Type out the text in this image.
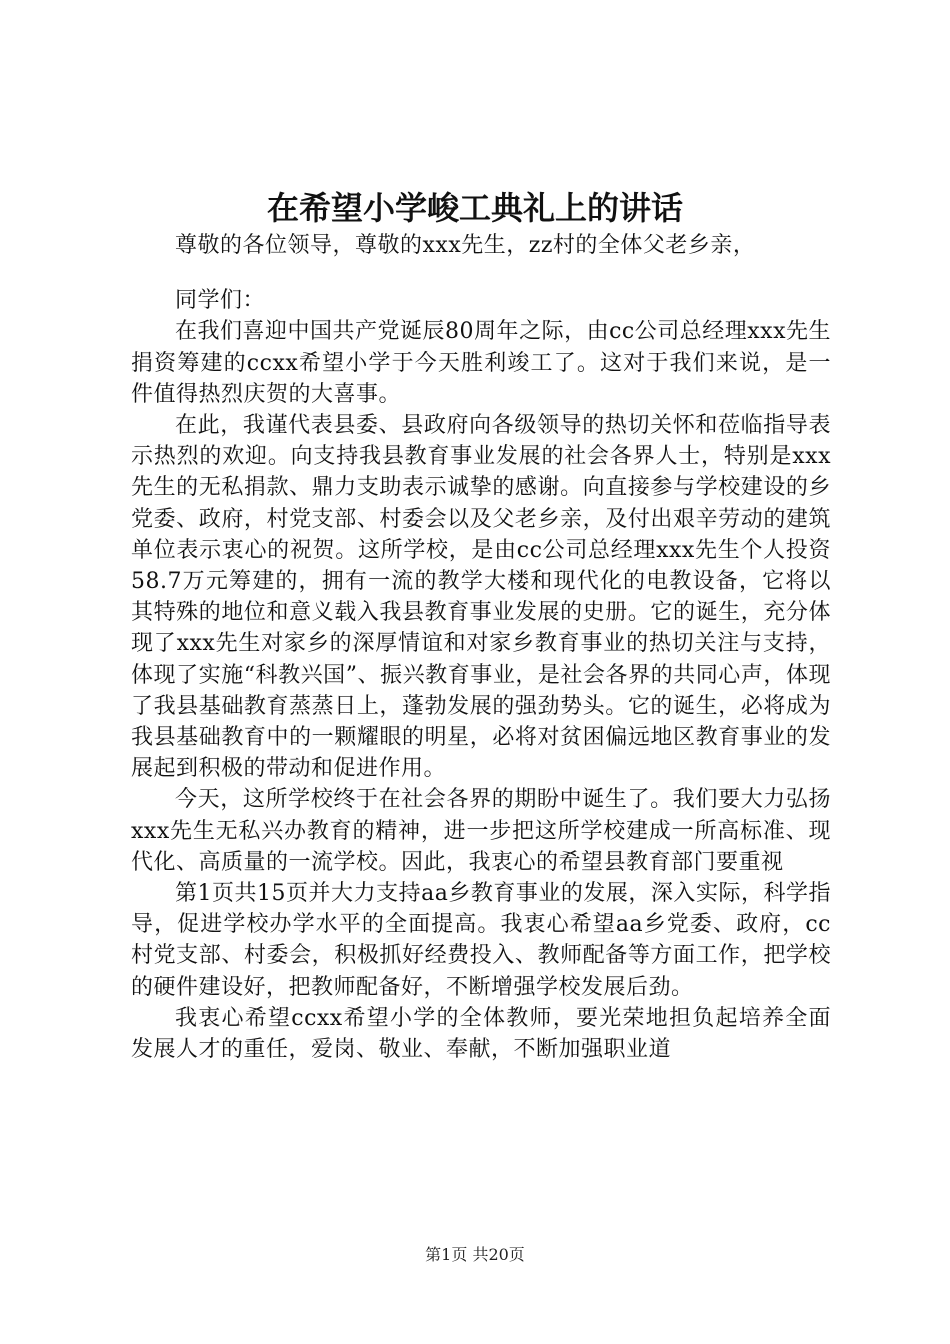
在希望小学峻工典礼上的讲话

尊敬的各位领导，尊敬的xxx先生，zz村的全体父老乡亲，

同学们：

在我们喜迎中国共产党诞辰80周年之际，由cc公司总经理xxx先生捐资筹建的ccxx希望小学于今天胜利竣工了。这对于我们来说，是一件值得热烈庆贺的大喜事。

在此，我谨代表县委、县政府向各级领导的热切关怀和莅临指导表示热烈的欢迎。向支持我县教育事业发展的社会各界人士，特别是xxx先生的无私捐款、鼎力支助表示诚挚的感谢。向直接参与学校建设的乡党委、政府，村党支部、村委会以及父老乡亲，及付出艰辛劳动的建筑单位表示衷心的祝贺。这所学校，是由cc公司总经理xxx先生个人投资58.7万元筹建的，拥有一流的教学大楼和现代化的电教设备，它将以其特殊的地位和意义载入我县教育事业发展的史册。它的诞生，充分体现了xxx先生对家乡的深厚情谊和对家乡教育事业的热切关注与支持，体现了实施“科教兴国”、振兴教育事业，是社会各界的共同心声，体现了我县基础教育蒸蒸日上，蓬勃发展的强劲势头。它的诞生，必将成为我县基础教育中的一颗耀眼的明星，必将对贫困偏远地区教育事业的发展起到积极的带动和促进作用。

今天，这所学校终于在社会各界的期盼中诞生了。我们要大力弘扬xxx先生无私兴办教育的精神，进一步把这所学校建成一所高标准、现代化、高质量的一流学校。因此，我衷心的希望县教育部门要重视

第1页共15页并大力支持aa乡教育事业的发展，深入实际，科学指导，促进学校办学水平的全面提高。我衷心希望aa乡党委、政府，cc村党支部、村委会，积极抓好经费投入、教师配备等方面工作，把学校的硬件建设好，把教师配备好，不断增强学校发展后劲。

我衷心希望ccxx希望小学的全体教师，要光荣地担负起培养全面发展人才的重任，爱岗、敬业、奉献，不断加强职业道

第1页 共20页
